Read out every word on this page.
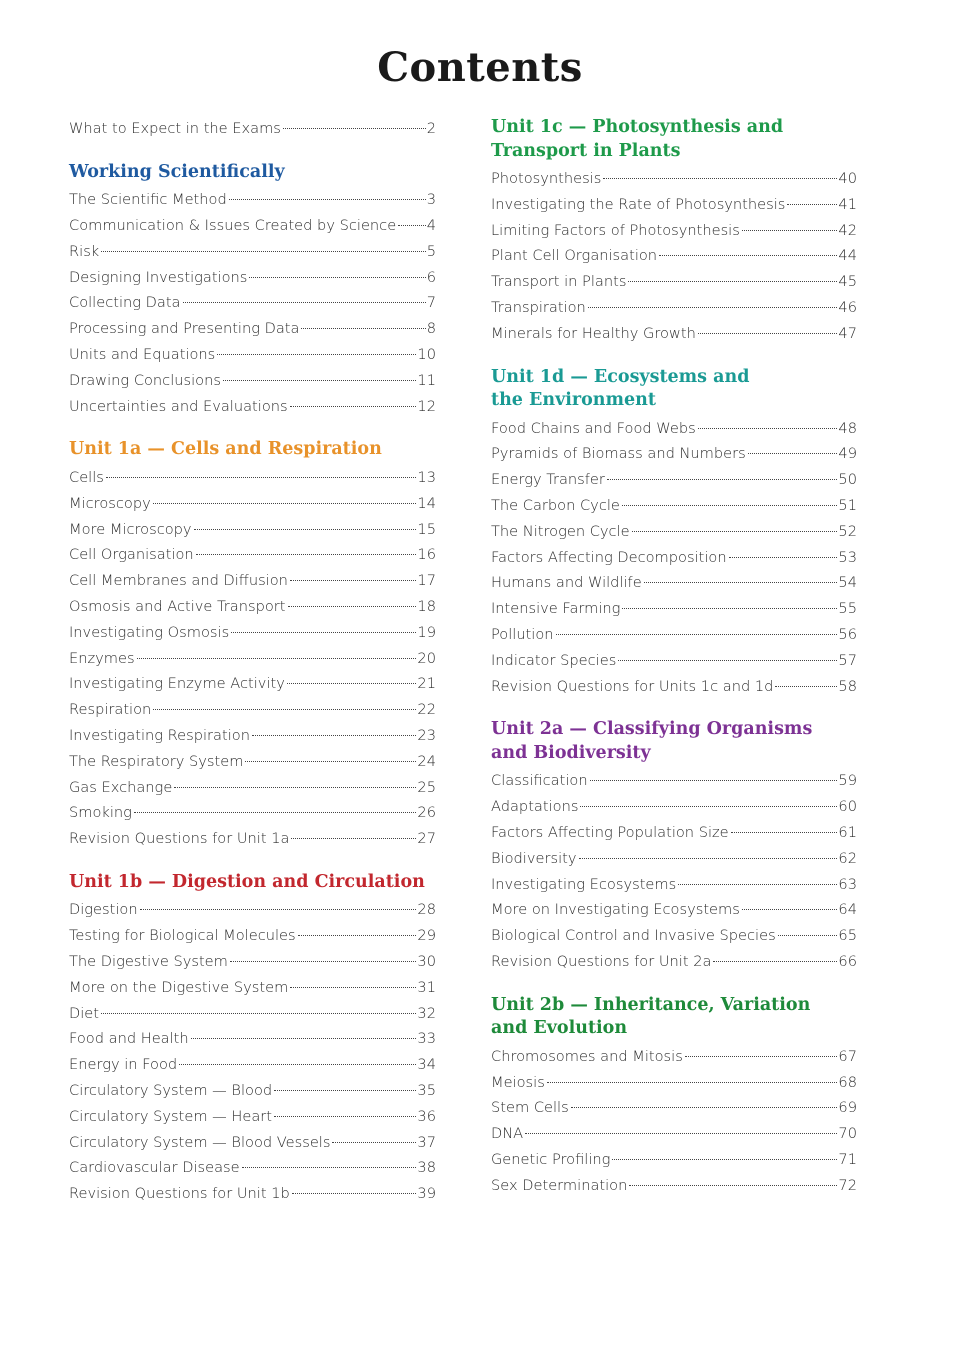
Contents
What to Expect in the Exams	2
Working Scientifically
The Scientific Method	3
Communication & Issues Created by Science 4
Risk	5
Designing Investigations	6
Collecting Data	7
Processing and Presenting Data	8
Units and Equations	10
Drawing Conclusions	11
Uncertainties and Evaluations	12
Unit 1a — Cells and Respiration
Cells	13
Microscopy	14
More Microscopy	15
Cell Organisation	16
Cell Membranes and Diffusion	17
Osmosis and Active Transport	18
Investigating Osmosis	19
Enzymes	20
Investigating Enzyme Activity	21
Respiration	22
Investigating Respiration	23
The Respiratory System	24
Gas Exchange	25
Smoking	26
Revision Questions for Unit 1a	27
Unit 1b — Digestion and Circulation
Digestion	28
Testing for Biological Molecules	29
The Digestive System	30
More on the Digestive System	31
Diet	32
Food and Health	33
Energy in Food	34
Circulatory System — Blood	35
Circulatory System — Heart	36
Circulatory System — Blood Vessels	37
Cardiovascular Disease	38
Revision Questions for Unit 1b	39
Unit 1c — Photosynthesis and
Transport in Plants
Photosynthesis	40
Investigating the Rate of Photosynthesis	41
Limiting Factors of Photosynthesis	42
Plant Cell Organisation	44
Transport in Plants	45
Transpiration	46
Minerals for Healthy Growth	47
Unit 1d — Ecosystems and
the Environment
Food Chains and Food Webs	48
Pyramids of Biomass and Numbers	49
Energy Transfer	50
The Carbon Cycle	51
The Nitrogen Cycle	52
Factors Affecting Decomposition	53
Humans and Wildlife	54
Intensive Farming	55
Pollution	56
Indicator Species	57
Revision Questions for Units 1c and 1d	58
Unit 2a — Classifying Organisms
and Biodiversity
Classification	59
Adaptations	60
Factors Affecting Population Size	61
Biodiversity	62
Investigating Ecosystems	63
More on Investigating Ecosystems	64
Biological Control and Invasive Species	65
Revision Questions for Unit 2a	66
Unit 2b — Inheritance, Variation
and Evolution
Chromosomes and Mitosis	67
Meiosis	68
Stem Cells	69
DNA	70
Genetic Profiling	71
Sex Determination	72
